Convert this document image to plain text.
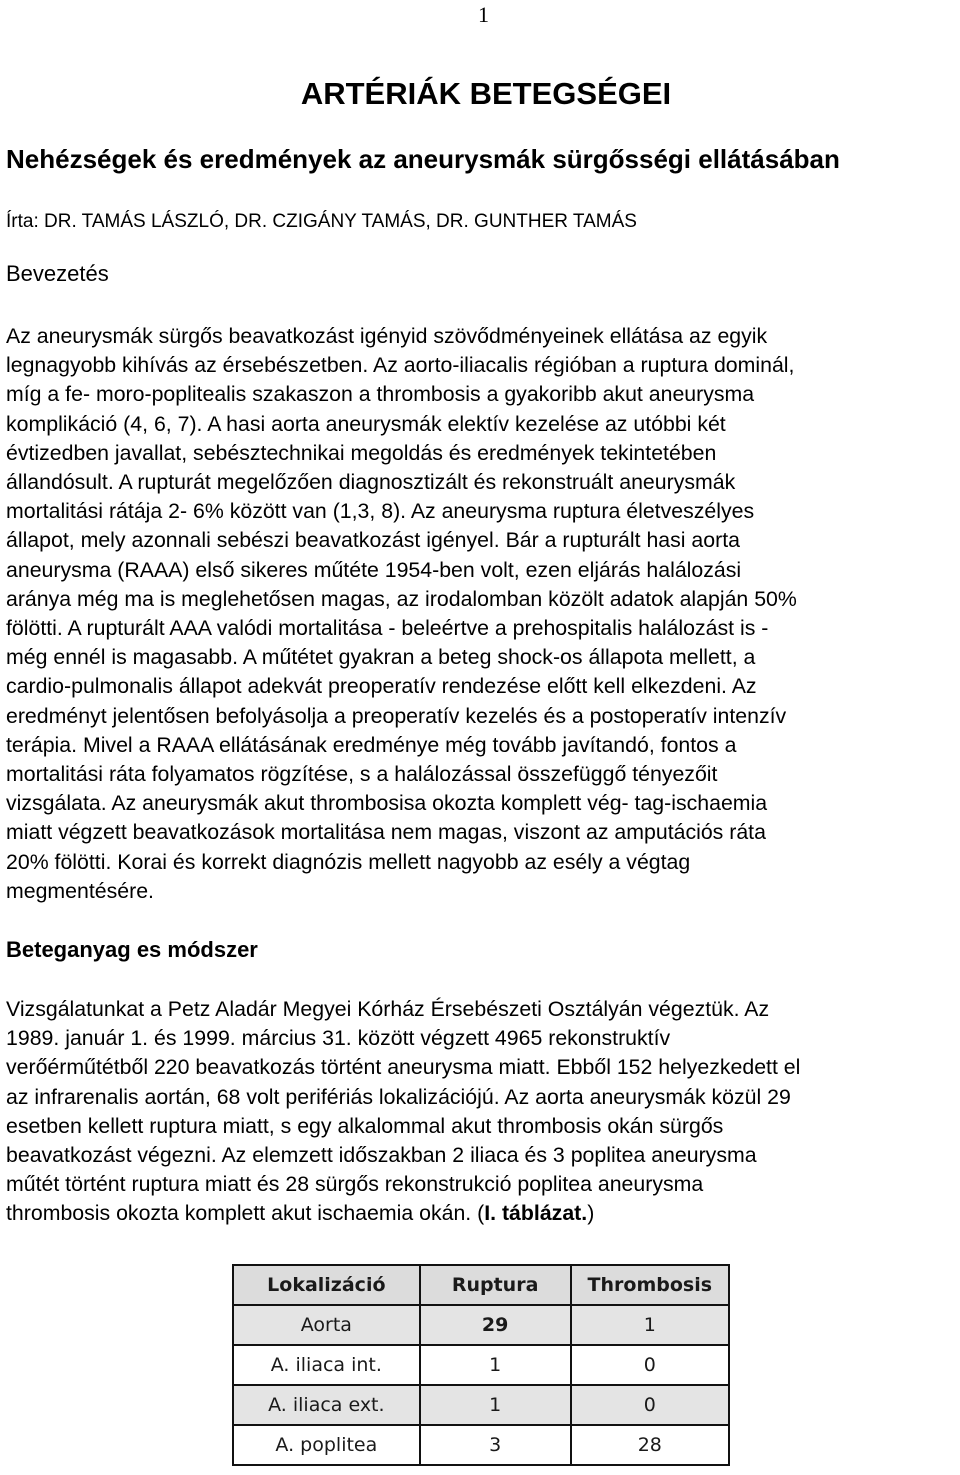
1
ARTÉRIÁK BETEGSÉGEI
Nehézségek és eredmények az aneurysmák sürgősségi ellátásában
Írta: DR. TAMÁS LÁSZLÓ, DR. CZIGÁNY TAMÁS, DR. GUNTHER TAMÁS
Bevezetés

Az aneurysmák sürgős beavatkozást igényid szövődményeinek ellátása az egyik
legnagyobb kihívás az érsebészetben. Az aorto-iliacalis régióban a ruptura dominál,
míg a fe- moro-poplitealis szakaszon a thrombosis a gyakoribb akut aneurysma
komplikáció (4, 6, 7). A hasi aorta aneurysmák elektív kezelése az utóbbi két
évtizedben javallat, sebésztechnikai megoldás és eredmények tekintetében
állandósult. A rupturát megelőzően diagnosztizált és rekonstruált aneurysmák
mortalitási rátája 2- 6% között van (1,3, 8). Az aneurysma ruptura életveszélyes
állapot, mely azonnali sebészi beavatkozást igényel. Bár a rupturált hasi aorta
aneurysma (RAAA) első sikeres műtéte 1954-ben volt, ezen eljárás halálozási
aránya még ma is meglehetősen magas, az irodalomban közölt adatok alapján 50%
fölötti. A rupturált AAA valódi mortalitása - beleértve a prehospitalis halálozást is -
még ennél is magasabb. A műtétet gyakran a beteg shock-os állapota mellett, a
cardio-pulmonalis állapot adekvát preoperatív rendezése előtt kell elkezdeni. Az
eredményt jelentősen befolyásolja a preoperatív kezelés és a postoperatív intenzív
terápia. Mivel a RAAA ellátásának eredménye még tovább javítandó, fontos a
mortalitási ráta folyamatos rögzítése, s a halálozással összefüggő tényezőit
vizsgálata. Az aneurysmák akut thrombosisa okozta komplett vég- tag-ischaemia
miatt végzett beavatkozások mortalitása nem magas, viszont az amputációs ráta
20% fölötti. Korai és korrekt diagnózis mellett nagyobb az esély a végtag
megmentésére.

Beteganyag es módszer

Vizsgálatunkat a Petz Aladár Megyei Kórház Érsebészeti Osztályán végeztük. Az
1989. január 1. és 1999. március 31. között végzett 4965 rekonstruktív
verőérműtétből 220 beavatkozás történt aneurysma miatt. Ebből 152 helyezkedett el
az infrarenalis aortán, 68 volt perifériás lokalizációjú. Az aorta aneurysmák közül 29
esetben kellett ruptura miatt, s egy alkalommal akut thrombosis okán sürgős
beavatkozást végezni. Az elemzett időszakban 2 iliaca és 3 poplitea aneurysma
műtét történt ruptura miatt és 28 sürgős rekonstrukció poplitea aneurysma
thrombosis okozta komplett akut ischaemia okán. (I. táblázat.)

Lokalizáció	Ruptura	Thrombosis
Aorta	29	1
A. iliaca int.	1	0
A. iliaca ext.	1	0
A. poplitea	3	28
